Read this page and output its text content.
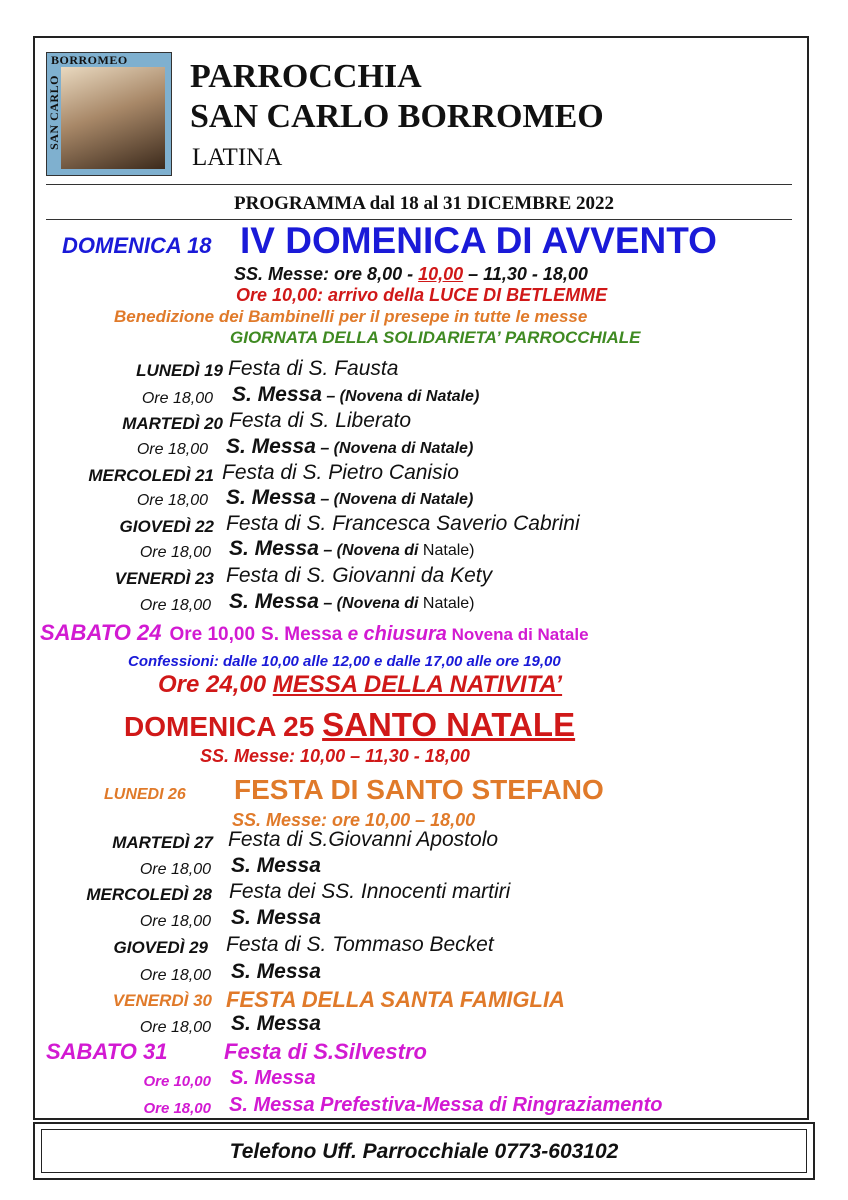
BORROMEO
SAN CARLO	PARROCCHIA
SAN CARLO BORROMEO
LATINA
PROGRAMMA dal 18 al 31 DICEMBRE 2022
DOMENICA 18 IV DOMENICA DI AVVENTO
SS. Messe: ore 8,00 - 10,00 – 11,30 - 18,00
Ore 10,00: arrivo della LUCE DI BETLEMME
Benedizione dei Bambinelli per il presepe in tutte le messe
GIORNATA DELLA SOLIDARIETA’ PARROCCHIALE
LUNEDÌ 19 Festa di S. Fausta
Ore 18,00 S. Messa – (Novena di Natale)
MARTEDÌ 20 Festa di S. Liberato
Ore 18,00 S. Messa – (Novena di Natale)
MERCOLEDÌ 21 Festa di S. Pietro Canisio
Ore 18,00 S. Messa – (Novena di Natale)
GIOVEDÌ 22 Festa di S. Francesca Saverio Cabrini
Ore 18,00 S. Messa – (Novena di Natale)
VENERDÌ 23 Festa di S. Giovanni da Kety
Ore 18,00 S. Messa – (Novena di Natale)
SABATO 24 Ore 10,00 S. Messa e chiusura Novena di Natale
Confessioni: dalle 10,00 alle 12,00 e dalle 17,00 alle ore 19,00
Ore 24,00 MESSA DELLA NATIVITA’
DOMENICA 25 SANTO NATALE
SS. Messe: 10,00 – 11,30 - 18,00
LUNEDI 26 FESTA DI SANTO STEFANO
SS. Messe: ore 10,00 – 18,00
MARTEDÌ 27 Festa di S.Giovanni Apostolo
Ore 18,00 S. Messa
MERCOLEDÌ 28 Festa dei SS. Innocenti martiri
Ore 18,00 S. Messa
GIOVEDÌ 29 Festa di S. Tommaso Becket
Ore 18,00 S. Messa
VENERDÌ 30 FESTA DELLA SANTA FAMIGLIA
Ore 18,00 S. Messa
SABATO 31	Festa di S.Silvestro
Ore 10,00 S. Messa
Ore 18,00 S. Messa Prefestiva-Messa di Ringraziamento
Telefono Uff. Parrocchiale 0773-603102
